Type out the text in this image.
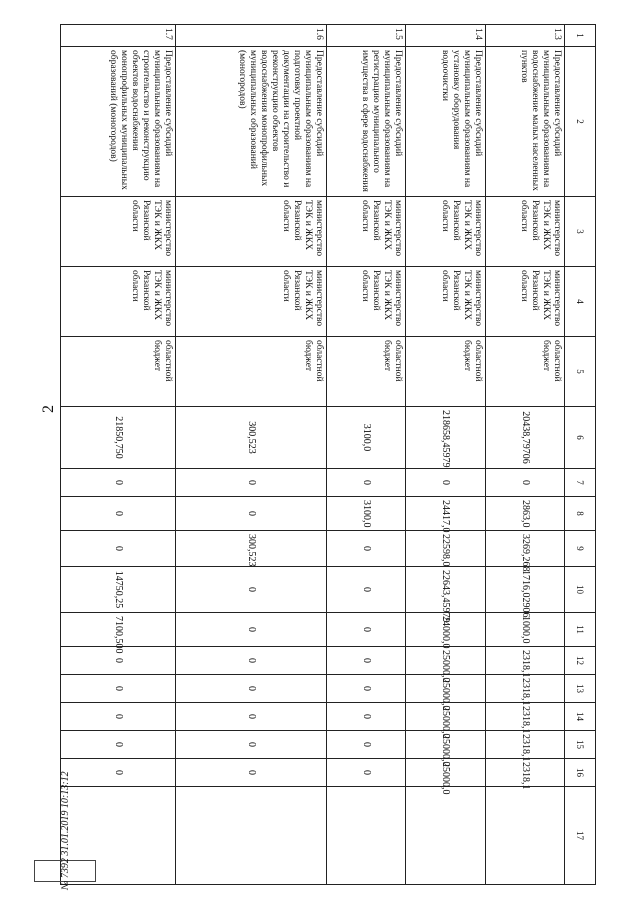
2
1	2	3	4	5	6	7	8	9	10	11	12	13	14	15	16	17
1.3	Предоставление субсидий муниципальным образованиям на водоснабжение малых населенных пунктов	министерство ТЭК и ЖКХ Рязанской области	министерство ТЭК и ЖКХ Рязанской области	областной бюджет	20438,79706	0	2863,0	3269,268	1716,02906	1000,0	2318,1	2318,1	2318,1	2318,1	2318,1	
1.4	Предоставление субсидий муниципальным образованиям на установку оборудования водоочистки	министерство ТЭК и ЖКХ Рязанской области	министерство ТЭК и ЖКХ Рязанской области	областной бюджет	218658,45979	0	24417,0	22598,0	22643,45979	24000,0	25000,0	25000,0	25000,0	25000,0	25000,0	
1.5	Предоставление субсидий муниципальным образованиям на регистрацию муниципального имущества в сфере водоснабжения	министерство ТЭК и ЖКХ Рязанской области	министерство ТЭК и ЖКХ Рязанской области	областной бюджет	3100,0	0	3100,0	0	0	0	0	0	0	0	0	
1.6	Предоставление субсидий муниципальным образованиям на подготовку проектной документации на строительство и реконструкцию объектов водоснабжения монопрофильных муниципальных образований (моногородов)	министерство ТЭК и ЖКХ Рязанской области	министерство ТЭК и ЖКХ Рязанской области	областной бюджет	300,523	0	0	300,523	0	0	0	0	0	0	0	
1.7	Предоставление субсидий муниципальным образованиям на строительство и реконструкцию объектов водоснабжения монопрофильных муниципальных образований (моногородов)	министерство ТЭК и ЖКХ Рязанской области	министерство ТЭК и ЖКХ Рязанской области	областной бюджет	21850,750	0	0	0	14750,25	7100,500	0	0	0	0	0	
№ 7392 31.01.2019 10:13:12
